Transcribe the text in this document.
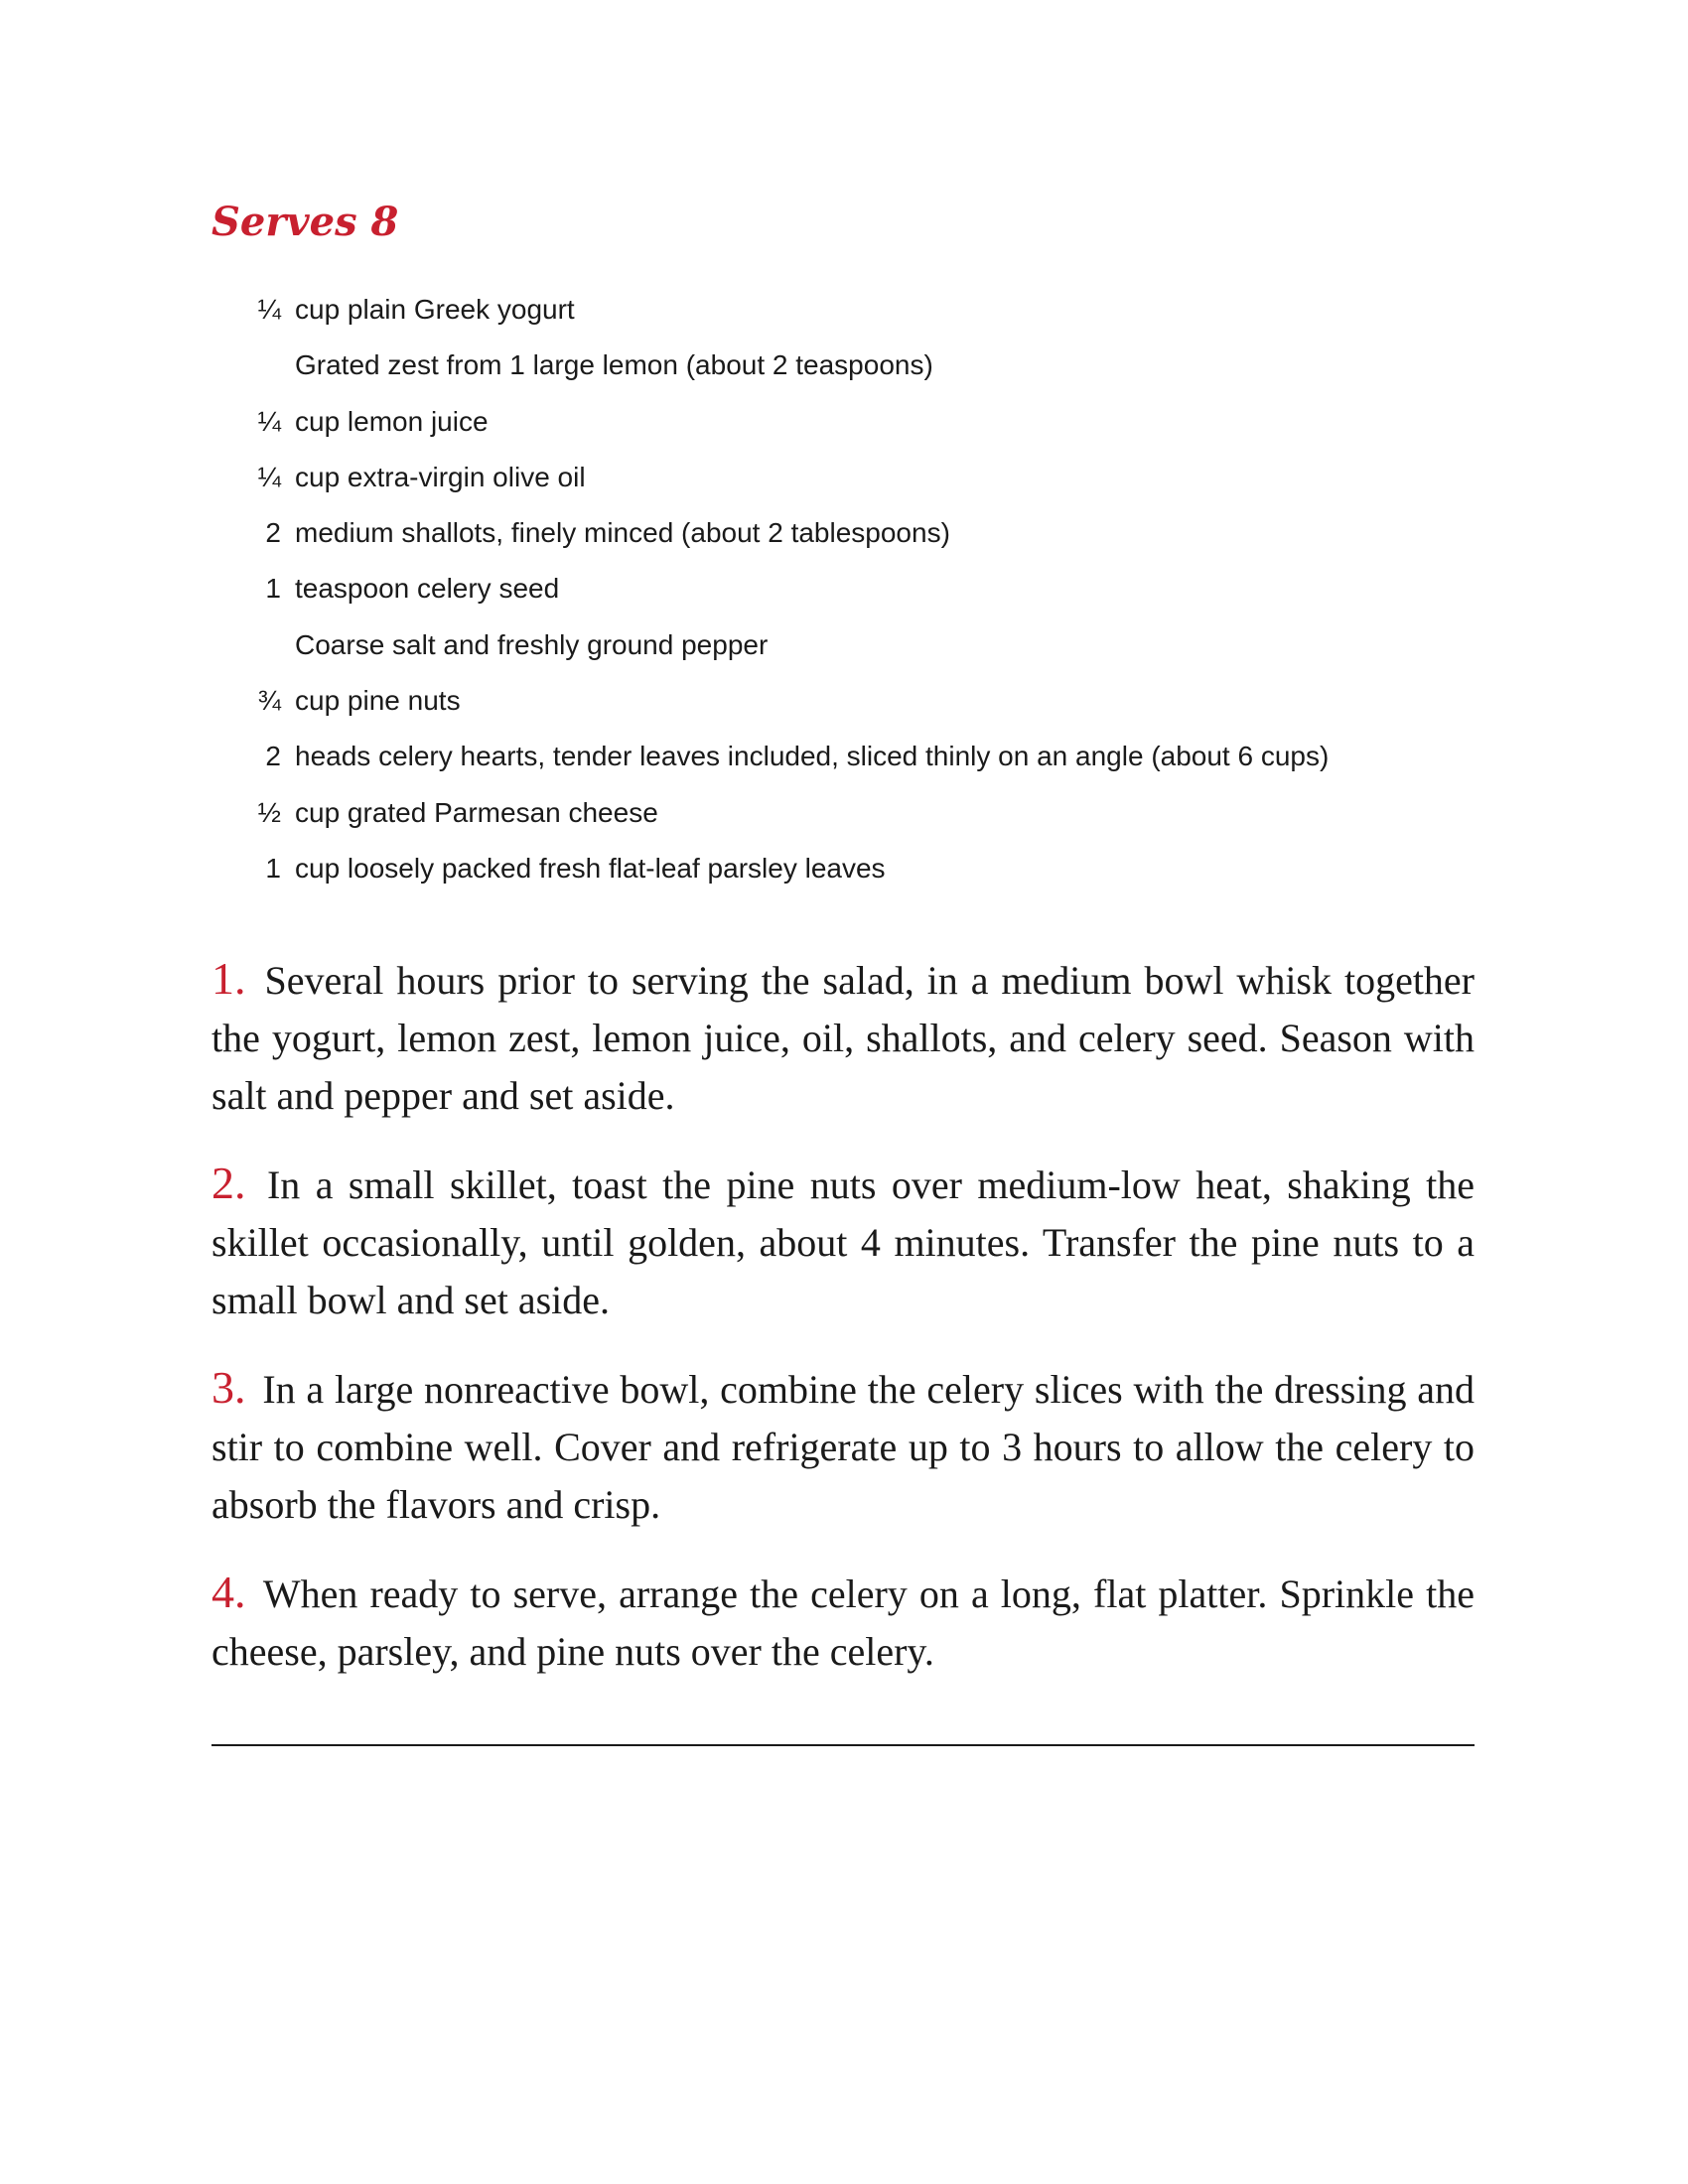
Serves 8
¼ cup plain Greek yogurt
Grated zest from 1 large lemon (about 2 teaspoons)
¼ cup lemon juice
¼ cup extra-virgin olive oil
2 medium shallots, finely minced (about 2 tablespoons)
1 teaspoon celery seed
Coarse salt and freshly ground pepper
¾ cup pine nuts
2 heads celery hearts, tender leaves included, sliced thinly on an angle (about 6 cups)
½ cup grated Parmesan cheese
1 cup loosely packed fresh flat-leaf parsley leaves

1. Several hours prior to serving the salad, in a medium bowl whisk together the yogurt, lemon zest, lemon juice, oil, shallots, and celery seed. Season with salt and pepper and set aside.

2. In a small skillet, toast the pine nuts over medium-low heat, shaking the skillet occasionally, until golden, about 4 minutes. Transfer the pine nuts to a small bowl and set aside.

3. In a large nonreactive bowl, combine the celery slices with the dressing and stir to combine well. Cover and refrigerate up to 3 hours to allow the celery to absorb the flavors and crisp.

4. When ready to serve, arrange the celery on a long, flat platter. Sprinkle the cheese, parsley, and pine nuts over the celery.
